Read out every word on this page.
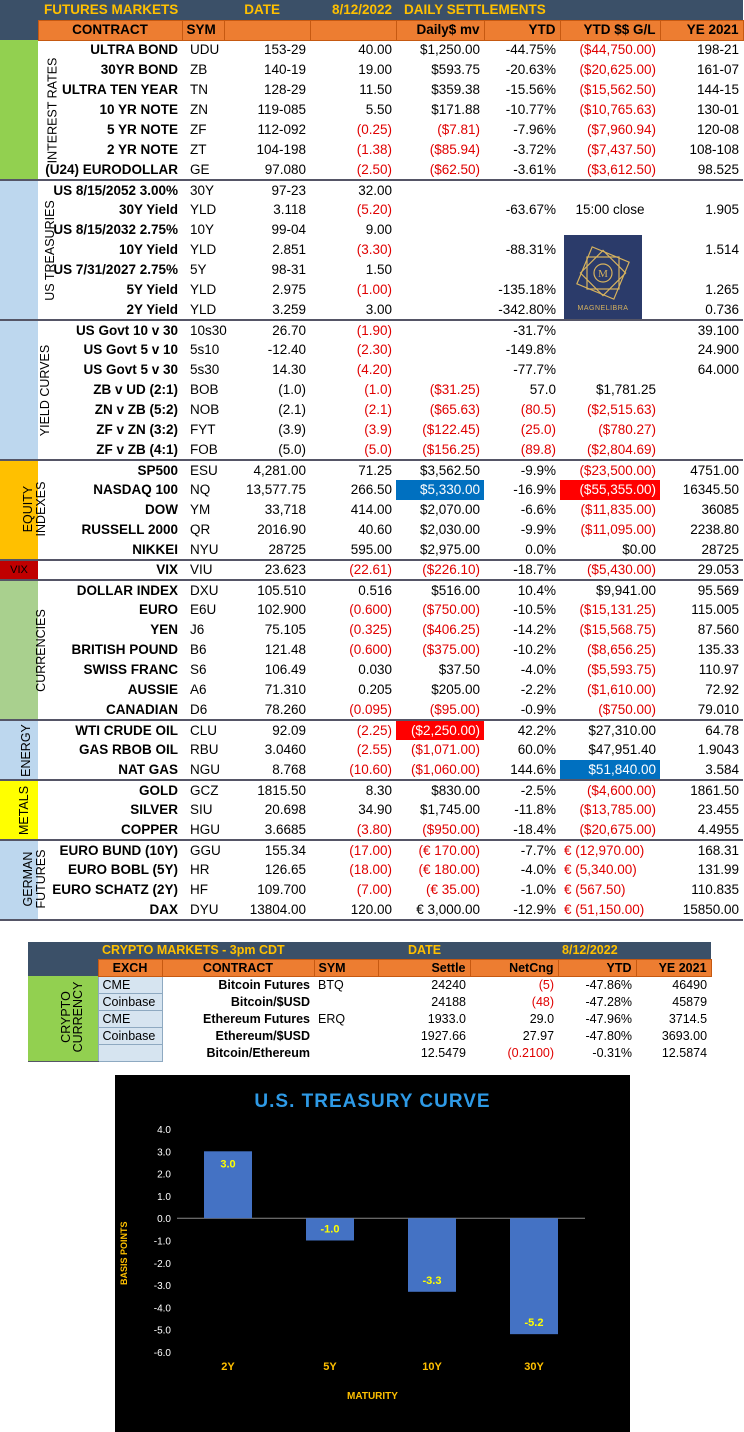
FUTURES MARKETS		DATE		8/12/2022	DAILY SETTLEMENTS			
	CONTRACT	SYM			Daily$ mv	YTD	YTD $$ G/L	YE 2021
INTEREST RATES	ULTRA BOND	UDU	153-29	40.00	$1,250.00	-44.75%	($44,750.00)	198-21
	30YR BOND	ZB	140-19	19.00	$593.75	-20.63%	($20,625.00)	161-07
	ULTRA TEN YEAR	TN	128-29	11.50	$359.38	-15.56%	($15,562.50)	144-15
	10 YR NOTE	ZN	119-085	5.50	$171.88	-10.77%	($10,765.63)	130-01
	5 YR NOTE	ZF	112-092	(0.25)	($7.81)	-7.96%	($7,960.94)	120-08
	2 YR NOTE	ZT	104-198	(1.38)	($85.94)	-3.72%	($7,437.50)	108-108
	(U24) EURODOLLAR	GE	97.080	(2.50)	($62.50)	-3.61%	($3,612.50)	98.525
US TREASURIES	US 8/15/2052 3.00%	30Y	97-23	32.00				
	30Y Yield	YLD	3.118	(5.20)		-63.67%	15:00 close	1.905
	US 8/15/2032 2.75%	10Y	99-04	9.00				
	10Y Yield	YLD	2.851	(3.30)		-88.31%		1.514
	US 7/31/2027 2.75%	5Y	98-31	1.50				
	5Y Yield	YLD	2.975	(1.00)		-135.18%		1.265
	2Y Yield	YLD	3.259	3.00		-342.80%		0.736
YIELD CURVES	US Govt 10 v 30	10s30	26.70	(1.90)		-31.7%		39.100
	US Govt 5 v 10	5s10	-12.40	(2.30)		-149.8%		24.900
	US Govt 5 v 30	5s30	14.30	(4.20)		-77.7%		64.000
	ZB v UD (2:1)	BOB	(1.0)	(1.0)	($31.25)	57.0	$1,781.25	
	ZN v ZB (5:2)	NOB	(2.1)	(2.1)	($65.63)	(80.5)	($2,515.63)	
	ZF v ZN (3:2)	FYT	(3.9)	(3.9)	($122.45)	(25.0)	($780.27)	
	ZF v ZB (4:1)	FOB	(5.0)	(5.0)	($156.25)	(89.8)	($2,804.69)	
EQUITY INDEXES	SP500	ESU	4,281.00	71.25	$3,562.50	-9.9%	($23,500.00)	4751.00
	NASDAQ 100	NQ	13,577.75	266.50	$5,330.00	-16.9%	($55,355.00)	16345.50
	DOW	YM	33,718	414.00	$2,070.00	-6.6%	($11,835.00)	36085
	RUSSELL 2000	QR	2016.90	40.60	$2,030.00	-9.9%	($11,095.00)	2238.80
	NIKKEI	NYU	28725	595.00	$2,975.00	0.0%	$0.00	28725
VIX	VIX	VIU	23.623	(22.61)	($226.10)	-18.7%	($5,430.00)	29.053
CURRENCIES	DOLLAR INDEX	DXU	105.510	0.516	$516.00	10.4%	$9,941.00	95.569
	EURO	E6U	102.900	(0.600)	($750.00)	-10.5%	($15,131.25)	115.005
	YEN	J6	75.105	(0.325)	($406.25)	-14.2%	($15,568.75)	87.560
	BRITISH POUND	B6	121.48	(0.600)	($375.00)	-10.2%	($8,656.25)	135.33
	SWISS FRANC	S6	106.49	0.030	$37.50	-4.0%	($5,593.75)	110.97
	AUSSIE	A6	71.310	0.205	$205.00	-2.2%	($1,610.00)	72.92
	CANADIAN	D6	78.260	(0.095)	($95.00)	-0.9%	($750.00)	79.010
ENERGY	WTI CRUDE OIL	CLU	92.09	(2.25)	($2,250.00)	42.2%	$27,310.00	64.78
	GAS RBOB OIL	RBU	3.0460	(2.55)	($1,071.00)	60.0%	$47,951.40	1.9043
	NAT GAS	NGU	8.768	(10.60)	($1,060.00)	144.6%	$51,840.00	3.584
METALS	GOLD	GCZ	1815.50	8.30	$830.00	-2.5%	($4,600.00)	1861.50
	SILVER	SIU	20.698	34.90	$1,745.00	-11.8%	($13,785.00)	23.455
	COPPER	HGU	3.6685	(3.80)	($950.00)	-18.4%	($20,675.00)	4.4955
GERMAN FUTURES	EURO BUND (10Y)	GGU	155.34	(17.00)	(€ 170.00)	-7.7%	€ (12,970.00)	168.31
	EURO BOBL (5Y)	HR	126.65	(18.00)	(€ 180.00)	-4.0%	€ (5,340.00)	131.99
	EURO SCHATZ (2Y)	HF	109.700	(7.00)	(€ 35.00)	-1.0%	€ (567.50)	110.835
	DAX	DYU	13804.00	120.00	€ 3,000.00	-12.9%	€ (51,150.00)	15850.00
M
MAGNELIBRA
	CRYPTO MARKETS - 3pm CDT			DATE		8/12/2022	
	EXCH	CONTRACT	SYM	Settle	NetCng	YTD	YE 2021
CRYPTO CURRENCY	CME	Bitcoin Futures	BTQ	24240	(5)	-47.86%	46490
	Coinbase	Bitcoin/$USD		24188	(48)	-47.28%	45879
	CME	Ethereum Futures	ERQ	1933.0	29.0	-47.96%	3714.5
	Coinbase	Ethereum/$USD		1927.66	27.97	-47.80%	3693.00
		Bitcoin/Ethereum		12.5479	(0.2100)	-0.31%	12.5874
U.S. TREASURY CURVE
BASIS POINTS
4.0
3.0
2.0
1.0
0.0
-1.0
-2.0
-3.0
-4.0
-5.0
-6.0
3.0
2Y
-1.0
5Y
-3.3
10Y
-5.2
30Y
MATURITY
